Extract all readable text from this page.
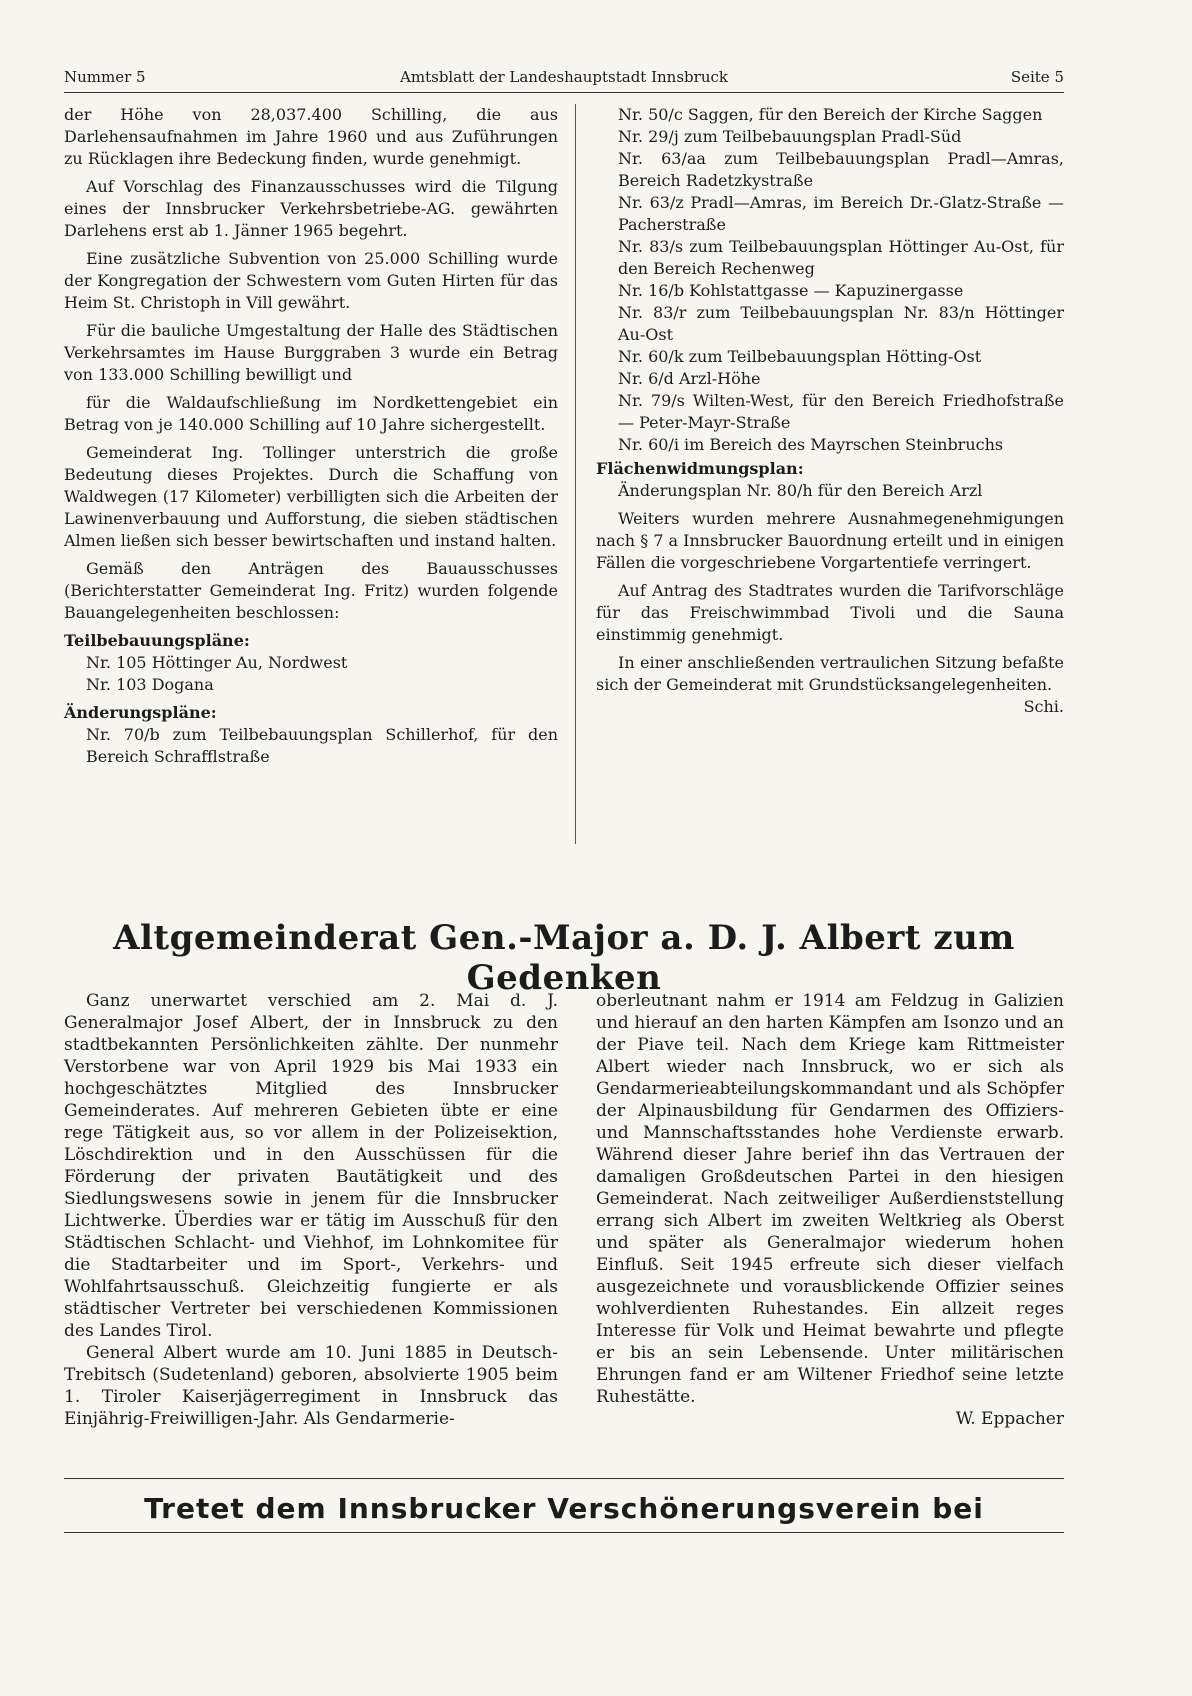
Nummer 5	Amtsblatt der Landeshauptstadt Innsbruck	Seite 5

der Höhe von 28,037.400 Schilling, die aus Darlehensaufnahmen im Jahre 1960 und aus Zuführungen zu Rücklagen ihre Bedeckung finden, wurde genehmigt.

Auf Vorschlag des Finanzausschusses wird die Tilgung eines der Innsbrucker Verkehrsbetriebe-AG. gewährten Darlehens erst ab 1. Jänner 1965 begehrt.

Eine zusätzliche Subvention von 25.000 Schilling wurde der Kongregation der Schwestern vom Guten Hirten für das Heim St. Christoph in Vill gewährt.

Für die bauliche Umgestaltung der Halle des Städtischen Verkehrsamtes im Hause Burggraben 3 wurde ein Betrag von 133.000 Schilling bewilligt und

für die Waldaufschließung im Nordkettengebiet ein Betrag von je 140.000 Schilling auf 10 Jahre sichergestellt.

Gemeinderat Ing. Tollinger unterstrich die große Bedeutung dieses Projektes. Durch die Schaffung von Waldwegen (17 Kilometer) verbilligten sich die Arbeiten der Lawinenverbauung und Aufforstung, die sieben städtischen Almen ließen sich besser bewirtschaften und instand halten.

Gemäß den Anträgen des Bauausschusses (Berichterstatter Gemeinderat Ing. Fritz) wurden folgende Bauangelegenheiten beschlossen:

Teilbebauungspläne:

Nr. 105 Höttinger Au, Nordwest

Nr. 103 Dogana

Änderungspläne:

Nr. 70/b zum Teilbebauungsplan Schillerhof, für den Bereich Schrafflstraße

Nr. 50/c Saggen, für den Bereich der Kirche Saggen

Nr. 29/j zum Teilbebauungsplan Pradl-Süd

Nr. 63/aa zum Teilbebauungsplan Pradl—Amras, Bereich Radetzkystraße

Nr. 63/z Pradl—Amras, im Bereich Dr.-Glatz-Straße — Pacherstraße

Nr. 83/s zum Teilbebauungsplan Höttinger Au-Ost, für den Bereich Rechenweg

Nr. 16/b Kohlstattgasse — Kapuzinergasse

Nr. 83/r zum Teilbebauungsplan Nr. 83/n Höttinger Au-Ost

Nr. 60/k zum Teilbebauungsplan Hötting-Ost

Nr. 6/d Arzl-Höhe

Nr. 79/s Wilten-West, für den Bereich Friedhofstraße — Peter-Mayr-Straße

Nr. 60/i im Bereich des Mayrschen Steinbruchs

Flächenwidmungsplan:

Änderungsplan Nr. 80/h für den Bereich Arzl

Weiters wurden mehrere Ausnahmegenehmigungen nach § 7 a Innsbrucker Bauordnung erteilt und in einigen Fällen die vorgeschriebene Vorgartentiefe verringert.

Auf Antrag des Stadtrates wurden die Tarifvorschläge für das Freischwimmbad Tivoli und die Sauna einstimmig genehmigt.

In einer anschließenden vertraulichen Sitzung befaßte sich der Gemeinderat mit Grundstücksangelegenheiten.

Schi.

Altgemeinderat Gen.-Major a. D. J. Albert zum Gedenken

Ganz unerwartet verschied am 2. Mai d. J. Generalmajor Josef Albert, der in Innsbruck zu den stadtbekannten Persönlichkeiten zählte. Der nunmehr Verstorbene war von April 1929 bis Mai 1933 ein hochgeschätztes Mitglied des Innsbrucker Gemeinderates. Auf mehreren Gebieten übte er eine rege Tätigkeit aus, so vor allem in der Polizeisektion, Löschdirektion und in den Ausschüssen für die Förderung der privaten Bautätigkeit und des Siedlungswesens sowie in jenem für die Innsbrucker Lichtwerke. Überdies war er tätig im Ausschuß für den Städtischen Schlacht- und Viehhof, im Lohnkomitee für die Stadtarbeiter und im Sport-, Verkehrs- und Wohlfahrtsausschuß. Gleichzeitig fungierte er als städtischer Vertreter bei verschiedenen Kommissionen des Landes Tirol.

General Albert wurde am 10. Juni 1885 in Deutsch-Trebitsch (Sudetenland) geboren, absolvierte 1905 beim 1. Tiroler Kaiserjägerregiment in Innsbruck das Einjährig-Freiwilligen-Jahr. Als Gendarmerie-

oberleutnant nahm er 1914 am Feldzug in Galizien und hierauf an den harten Kämpfen am Isonzo und an der Piave teil. Nach dem Kriege kam Rittmeister Albert wieder nach Innsbruck, wo er sich als Gendarmerieabteilungskommandant und als Schöpfer der Alpinausbildung für Gendarmen des Offiziers- und Mannschaftsstandes hohe Verdienste erwarb. Während dieser Jahre berief ihn das Vertrauen der damaligen Großdeutschen Partei in den hiesigen Gemeinderat. Nach zeitweiliger Außerdienststellung errang sich Albert im zweiten Weltkrieg als Oberst und später als Generalmajor wiederum hohen Einfluß. Seit 1945 erfreute sich dieser vielfach ausgezeichnete und vorausblickende Offizier seines wohlverdienten Ruhestandes. Ein allzeit reges Interesse für Volk und Heimat bewahrte und pflegte er bis an sein Lebensende. Unter militärischen Ehrungen fand er am Wiltener Friedhof seine letzte Ruhestätte.

W. Eppacher

Tretet dem Innsbrucker Verschönerungsverein bei
